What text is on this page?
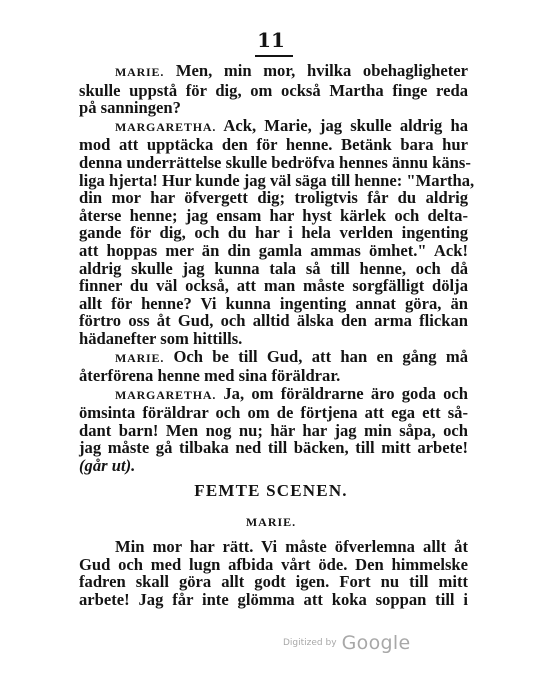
11
MARIE. Men, min mor, hvilka obehagligheter
skulle uppstå för dig, om också Martha finge reda
på sanningen?
MARGARETHA. Ack, Marie, jag skulle aldrig ha
mod att upptäcka den för henne. Betänk bara hur
denna underrättelse skulle bedröfva hennes ännu käns-
liga hjerta! Hur kunde jag väl säga till henne: "Martha,
din mor har öfvergett dig; troligtvis får du aldrig
återse henne; jag ensam har hyst kärlek och delta-
gande för dig, och du har i hela verlden ingenting
att hoppas mer än din gamla ammas ömhet." Ack!
aldrig skulle jag kunna tala så till henne, och då
finner du väl också, att man måste sorgfälligt dölja
allt för henne? Vi kunna ingenting annat göra, än
förtro oss åt Gud, och alltid älska den arma flickan
hädanefter som hittills.
MARIE. Och be till Gud, att han en gång må
återförena henne med sina föräldrar.
MARGARETHA. Ja, om föräldrarne äro goda och
ömsinta föräldrar och om de förtjena att ega ett så-
dant barn! Men nog nu; här har jag min såpa, och
jag måste gå tilbaka ned till bäcken, till mitt arbete!
(går ut).
FEMTE SCENEN.
MARIE.
Min mor har rätt. Vi måste öfverlemna allt åt
Gud och med lugn afbida vårt öde. Den himmelske
fadren skall göra allt godt igen. Fort nu till mitt
arbete! Jag får inte glömma att koka soppan till i
Digitized by Google
